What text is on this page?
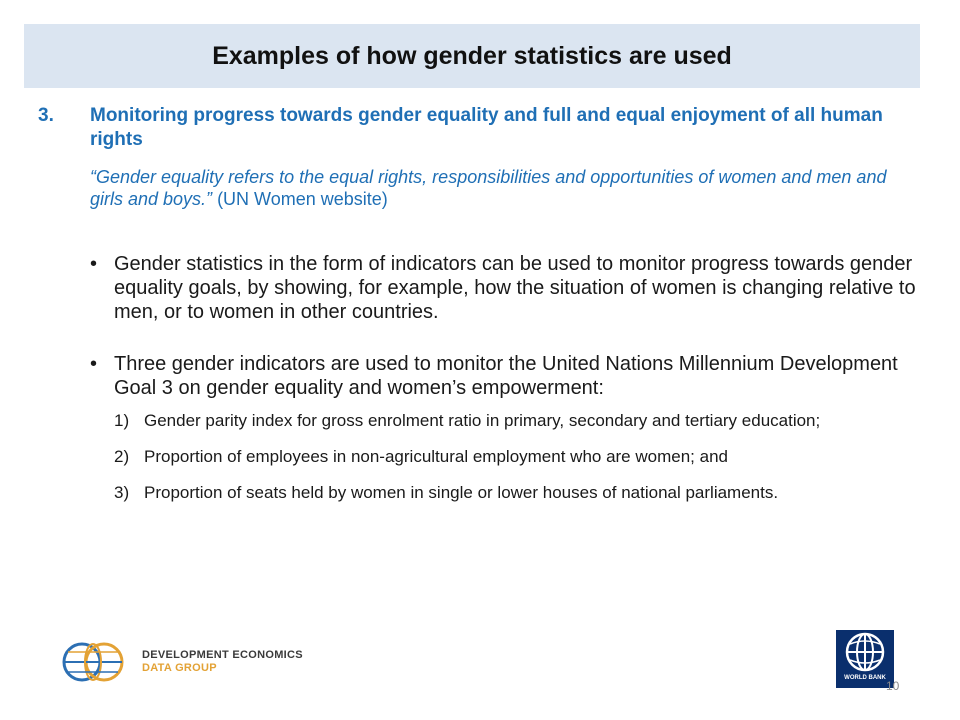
Examples of how gender statistics are used
3.	Monitoring progress towards gender equality and full and equal enjoyment of all human rights
“Gender equality refers to the equal rights, responsibilities and opportunities of women and men and girls and boys.” (UN Women website)
• Gender statistics in the form of indicators can be used to monitor progress towards gender equality goals, by showing, for example, how the situation of women is changing relative to men, or to women in other countries.
• Three gender indicators are used to monitor the United Nations Millennium Development Goal 3 on gender equality and women’s empowerment:
1) Gender parity index for gross enrolment ratio in primary, secondary and tertiary education;
2) Proportion of employees in non-agricultural employment who are women; and
3) Proportion of seats held by women in single or lower houses of national parliaments.
DEVELOPMENT ECONOMICS
DATA GROUP
WORLD BANK
10
